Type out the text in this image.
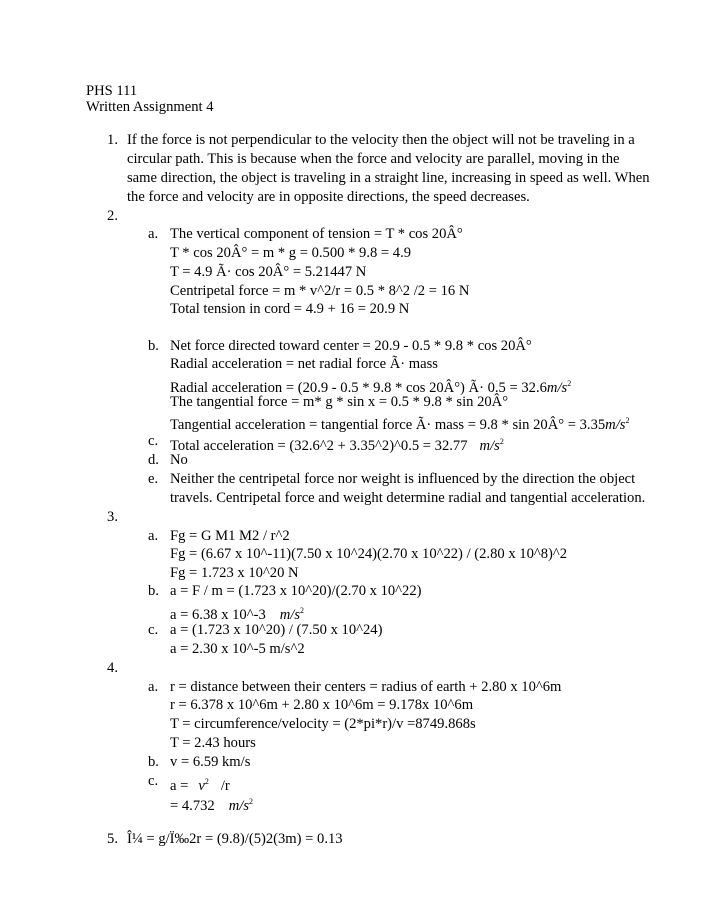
PHS 111
Written Assignment 4
1. If the force is not perpendicular to the velocity then the object will not be traveling in a
circular path. This is because when the force and velocity are parallel, moving in the
same direction, the object is traveling in a straight line, increasing in speed as well. When
the force and velocity are in opposite directions, the speed decreases.
2.
a. The vertical component of tension = T * cos 20Â°
T * cos 20Â° = m * g = 0.500 * 9.8 = 4.9
T = 4.9 Ã· cos 20Â° = 5.21447 N
Centripetal force = m * v^2/r = 0.5 * 8^2 /2 = 16 N
Total tension in cord = 4.9 + 16 = 20.9 N
b. Net force directed toward center = 20.9 - 0.5 * 9.8 * cos 20Â°
Radial acceleration = net radial force Ã· mass
Radial acceleration = (20.9 - 0.5 * 9.8 * cos 20Â°) Ã· $0.5 = 32.6m/s^2$
The tangential force = m* g * sin x = 0.5 * 9.8 * sin 20Â°
Tangential acceleration = tangential force Ã· mass = 9.8 * sin 20Â° = $3.35m/s^2$
c. Total acceleration = (32.6^2 + 3.35^2)^0.5 = 32.77 $m/s^2$
d. No
e. Neither the centripetal force nor weight is influenced by the direction the object
travels. Centripetal force and weight determine radial and tangential acceleration.
3.
a. Fg = G M1 M2 / r^2
Fg = (6.67 x 10^-11)(7.50 x 10^24)(2.70 x 10^22) / (2.80 x 10^8)^2
Fg = 1.723 x 10^20 N
b. a = F / m = (1.723 x 10^20)/(2.70 x 10^22)
a = 6.38 x 10^-3 $m/s^2$
c. a = (1.723 x 10^20) / (7.50 x 10^24)
a = 2.30 x 10^-5 m/s^2
4.
a. r = distance between their centers = radius of earth + 2.80 x 10^6m
r = 6.378 x 10^6m + 2.80 x 10^6m = 9.178x 10^6m
T = circumference/velocity = (2*pi*r)/v =8749.868s
T = 2.43 hours
b. v = 6.59 km/s
c. $a = v^2$ /r
= 4.732 $m/s^2$
5. Î¼ = g/Ï‰2r = (9.8)/(5)2(3m) = 0.13
